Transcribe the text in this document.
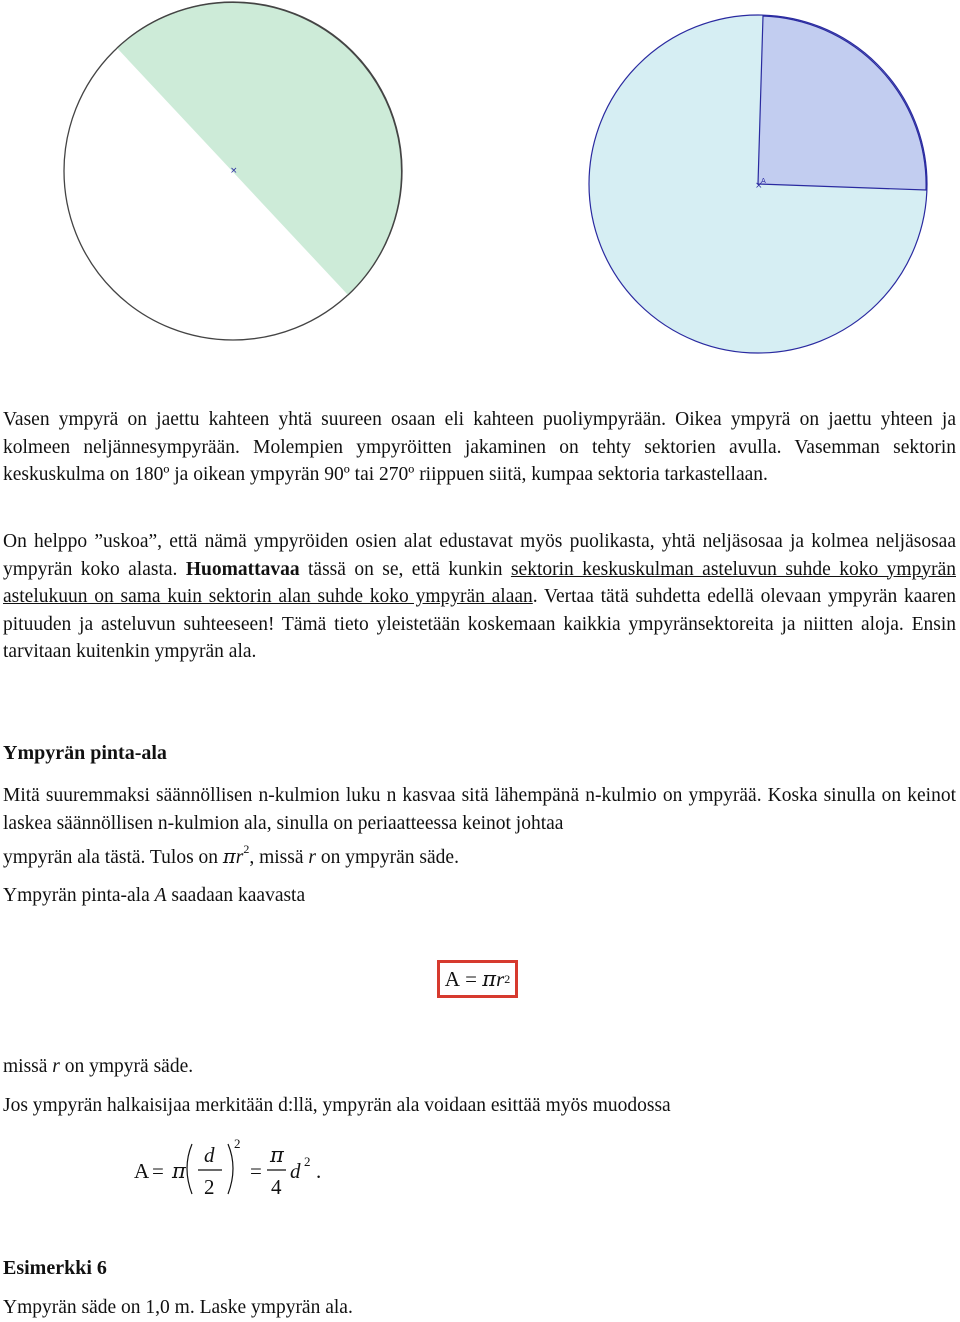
×
×
A

Vasen ympyrä on jaettu kahteen yhtä suureen osaan eli kahteen puoliympyrään. Oikea ympyrä on jaettu yhteen ja kolmeen neljännesympyrään. Molempien ympyröitten jakaminen on tehty sektorien avulla. Vasemman sektorin keskuskulma on 180º ja oikean ympyrän 90º tai 270º riippuen siitä, kumpaa sektoria tarkastellaan.

On helppo ”uskoa”, että nämä ympyröiden osien alat edustavat myös puolikasta, yhtä neljäsosaa ja kolmea neljäsosaa ympyrän koko alasta. Huomattavaa tässä on se, että kunkin sektorin keskuskulman asteluvun suhde koko ympyrän astelukuun on sama kuin sektorin alan suhde koko ympyrän alaan. Vertaa tätä suhdetta edellä olevaan ympyrän kaaren pituuden ja asteluvun suhteeseen! Tämä tieto yleistetään koskemaan kaikkia ympyränsektoreita ja niitten aloja. Ensin tarvitaan kuitenkin ympyrän ala.

Ympyrän pinta-ala

Mitä suuremmaksi säännöllisen n-kulmion luku n kasvaa sitä lähempänä n-kulmio on ympyrää. Koska sinulla on keinot laskea säännöllisen n-kulmion ala, sinulla on periaatteessa keinot johtaa
ympyrän ala tästä. Tulos on $\pi r^2$, missä r on ympyrän säde.

Ympyrän pinta-ala A saadaan kaavasta

A = π r 2

missä r on ympyrä säde.

Jos ympyrän halkaisijaa merkitään d:llä, ympyrän ala voidaan esittää myös muodossa

A = π
d
2
2
=
π
4
d 2 .
Esimerkki 6

Ympyrän säde on 1,0 m. Laske ympyrän ala.
